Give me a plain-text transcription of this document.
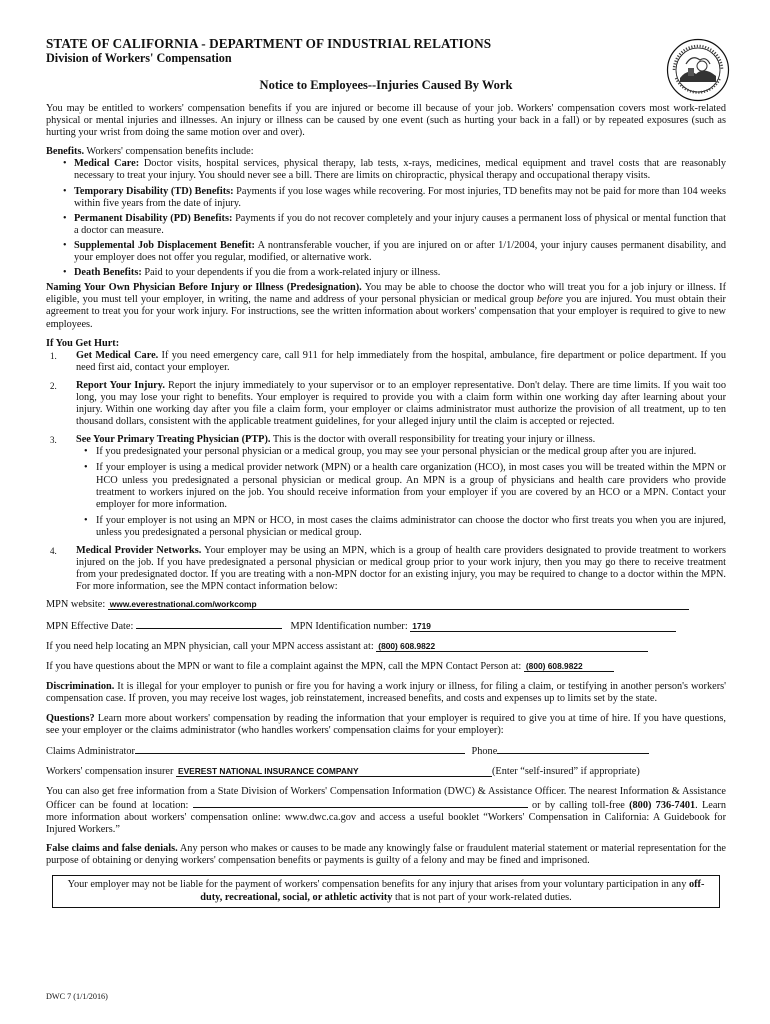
STATE OF CALIFORNIA - DEPARTMENT OF INDUSTRIAL RELATIONS
Division of Workers' Compensation
Notice to Employees--Injuries Caused By Work

You may be entitled to workers' compensation benefits if you are injured or become ill because of your job. Workers' compensation covers most work-related physical or mental injuries and illnesses. An injury or illness can be caused by one event (such as hurting your back in a fall) or by repeated exposures (such as hurting your wrist from doing the same motion over and over).

Benefits. Workers' compensation benefits include:

• Medical Care: Doctor visits, hospital services, physical therapy, lab tests, x-rays, medicines, medical equipment and travel costs that are reasonably necessary to treat your injury. You should never see a bill. There are limits on chiropractic, physical therapy and occupational therapy visits.
• Temporary Disability (TD) Benefits: Payments if you lose wages while recovering. For most injuries, TD benefits may not be paid for more than 104 weeks within five years from the date of injury.
• Permanent Disability (PD) Benefits: Payments if you do not recover completely and your injury causes a permanent loss of physical or mental function that a doctor can measure.
• Supplemental Job Displacement Benefit: A nontransferable voucher, if you are injured on or after 1/1/2004, your injury causes permanent disability, and your employer does not offer you regular, modified, or alternative work.
• Death Benefits: Paid to your dependents if you die from a work-related injury or illness.

Naming Your Own Physician Before Injury or Illness (Predesignation). You may be able to choose the doctor who will treat you for a job injury or illness. If eligible, you must tell your employer, in writing, the name and address of your personal physician or medical group before you are injured. You must obtain their agreement to treat you for your work injury. For instructions, see the written information about workers' compensation that your employer is required to give to new employees.

If You Get Hurt:

1. Get Medical Care. If you need emergency care, call 911 for help immediately from the hospital, ambulance, fire department or police department. If you need first aid, contact your employer.
2. Report Your Injury. Report the injury immediately to your supervisor or to an employer representative. Don't delay. There are time limits. If you wait too long, you may lose your right to benefits. Your employer is required to provide you with a claim form within one working day after learning about your injury. Within one working day after you file a claim form, your employer or claims administrator must authorize the provision of all treatment, up to ten thousand dollars, consistent with the applicable treatment guidelines, for your alleged injury until the claim is accepted or rejected.
3. See Your Primary Treating Physician (PTP). This is the doctor with overall responsibility for treating your injury or illness.
• If you predesignated your personal physician or a medical group, you may see your personal physician or the medical group after you are injured.
• If your employer is using a medical provider network (MPN) or a health care organization (HCO), in most cases you will be treated within the MPN or HCO unless you predesignated a personal physician or medical group. An MPN is a group of physicians and health care providers who provide treatment to workers injured on the job. You should receive information from your employer if you are covered by an HCO or a MPN. Contact your employer for more information.
• If your employer is not using an MPN or HCO, in most cases the claims administrator can choose the doctor who first treats you when you are injured, unless you predesignated a personal physician or medical group.
4. Medical Provider Networks. Your employer may be using an MPN, which is a group of health care providers designated to provide treatment to workers injured on the job. If you have predesignated a personal physician or medical group prior to your work injury, then you may go there to receive treatment from your predesignated doctor. If you are treating with a non-MPN doctor for an existing injury, you may be required to change to a doctor within the MPN. For more information, see the MPN contact information below:
MPN website: www.everestnational.com/workcomp
MPN Effective Date:	MPN Identification number: 1719
If you need help locating an MPN physician, call your MPN access assistant at: (800) 608.9822
If you have questions about the MPN or want to file a complaint against the MPN, call the MPN Contact Person at: (800) 608.9822

Discrimination. It is illegal for your employer to punish or fire you for having a work injury or illness, for filing a claim, or testifying in another person's workers' compensation case. If proven, you may receive lost wages, job reinstatement, increased benefits, and costs and expenses up to limits set by the state.

Questions? Learn more about workers' compensation by reading the information that your employer is required to give you at time of hire. If you have questions, see your employer or the claims administrator (who handles workers' compensation claims for your employer):

Claims Administrator	Phone
Workers' compensation insurer EVEREST NATIONAL INSURANCE COMPANY	(Enter “self-insured” if appropriate)

You can also get free information from a State Division of Workers' Compensation Information (DWC) & Assistance Officer. The nearest Information & Assistance Officer can be found at location:	or by calling toll-free (800) 736-7401. Learn more information about workers' compensation online: www.dwc.ca.gov and access a useful booklet “Workers' Compensation in California: A Guidebook for Injured Workers.”

False claims and false denials. Any person who makes or causes to be made any knowingly false or fraudulent material statement or material representation for the purpose of obtaining or denying workers' compensation benefits or payments is guilty of a felony and may be fined and imprisoned.

Your employer may not be liable for the payment of workers' compensation benefits for any injury that arises from your voluntary participation in any off-duty, recreational, social, or athletic activity that is not part of your work-related duties.
DWC 7 (1/1/2016)
